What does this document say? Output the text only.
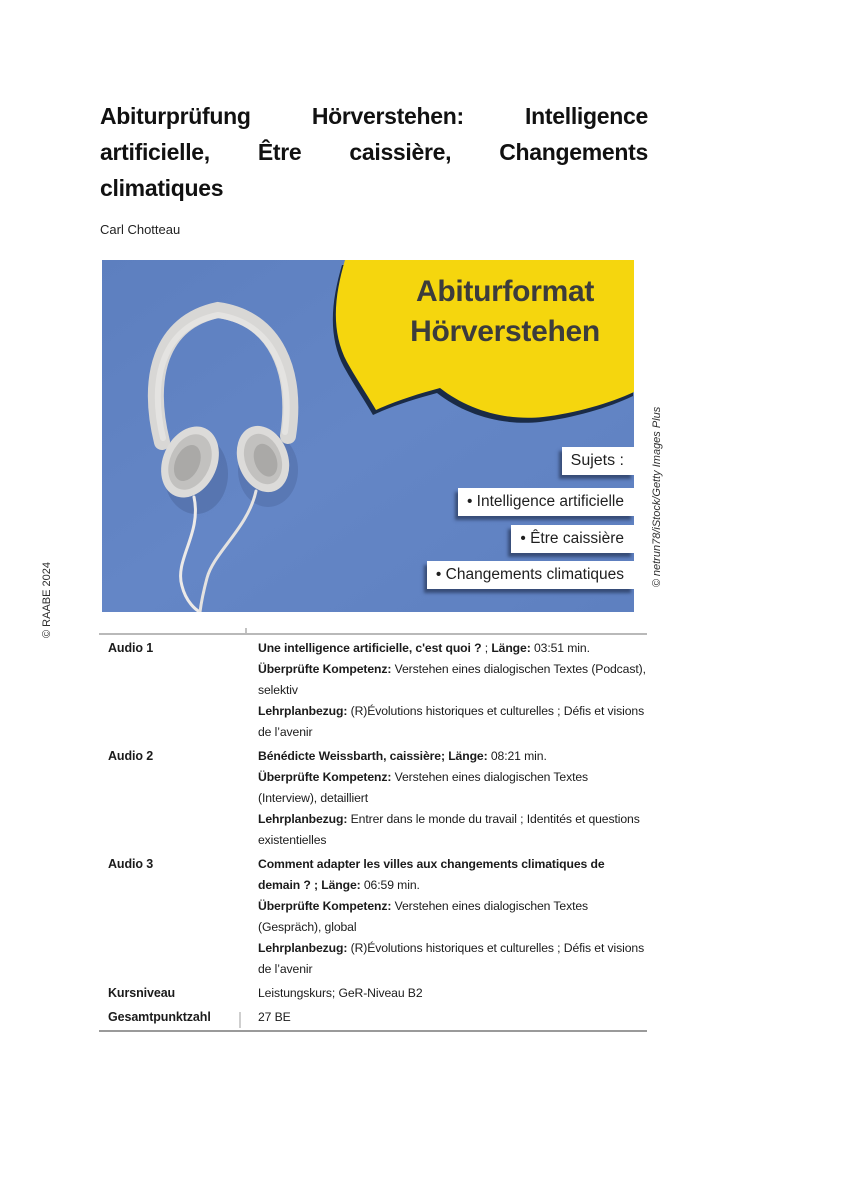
Abiturprüfung Hörverstehen: Intelligence
artificielle, Être caissière, Changements
climatiques
Carl Chotteau
Abiturformat
Hörverstehen
Sujets :
• Intelligence artificielle
• Être caissière
• Changements climatiques
© RAABE 2024
© netrun78/iStock/Getty Images Plus
Audio 1	Une intelligence artificielle, c'est quoi ? ; Länge: 03:51 min.

Überprüfte Kompetenz: Verstehen eines dialogischen Textes (Podcast), selektiv

Lehrplanbezug: (R)Évolutions historiques et culturelles ; Défis et visions de l’avenir

Audio 2	Bénédicte Weissbarth, caissière; Länge: 08:21 min.

Überprüfte Kompetenz: Verstehen eines dialogischen Textes (Interview), detailliert

Lehrplanbezug: Entrer dans le monde du travail ; Identités et questions existentielles

Audio 3	Comment adapter les villes aux changements climatiques de demain ? ; Länge: 06:59 min.

Überprüfte Kompetenz: Verstehen eines dialogischen Textes (Gespräch), global

Lehrplanbezug: (R)Évolutions historiques et culturelles ; Défis et visions de l’avenir

Kursniveau	Leistungskurs; GeR-Niveau B2

Gesamtpunktzahl	27 BE
